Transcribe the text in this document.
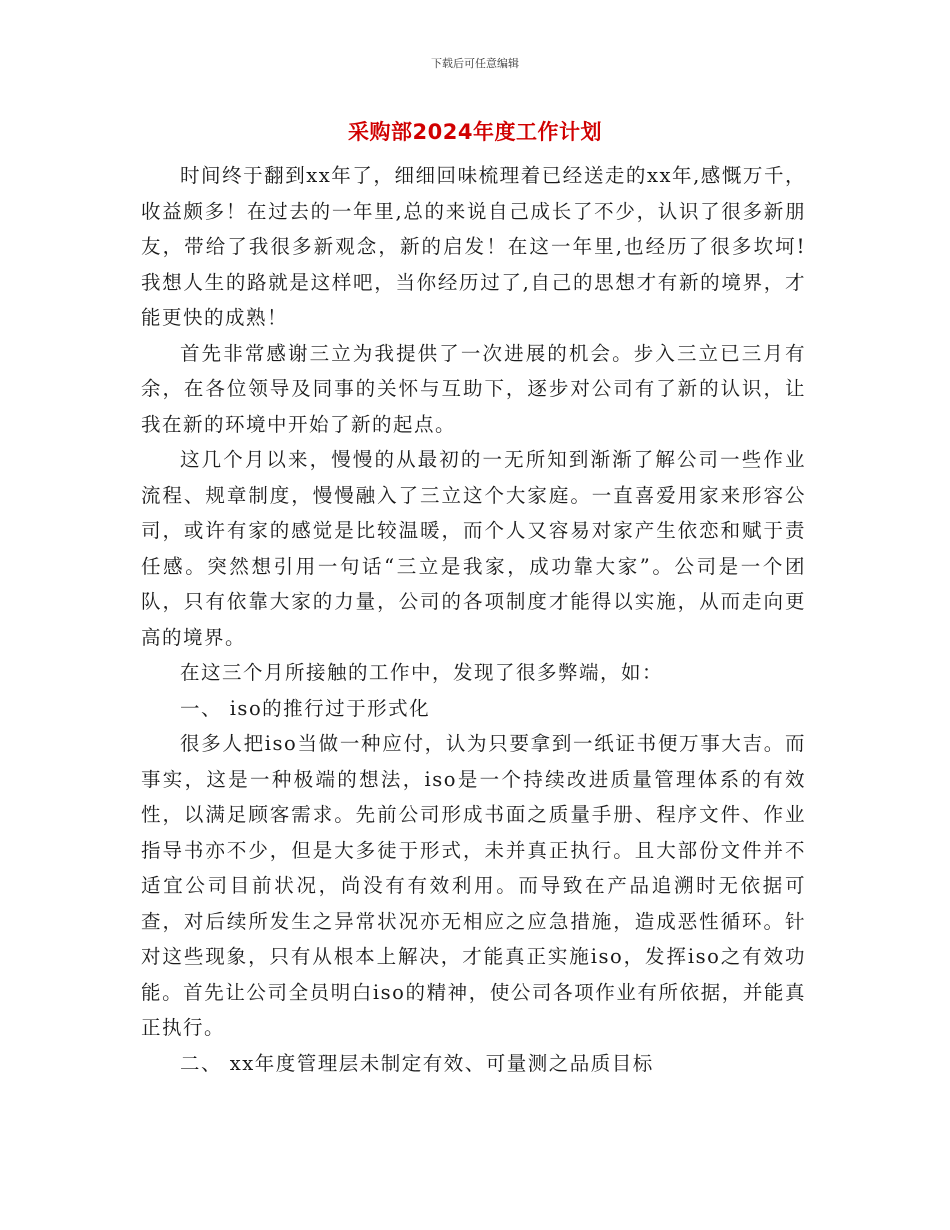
下载后可任意编辑
采购部2024年度工作计划

时间终于翻到xx年了，细细回味梳理着已经送走的xx年,感慨万千，收益颇多！在过去的一年里,总的来说自己成长了不少，认识了很多新朋友，带给了我很多新观念，新的启发！在这一年里,也经历了很多坎坷!我想人生的路就是这样吧，当你经历过了,自己的思想才有新的境界，才能更快的成熟！

首先非常感谢三立为我提供了一次进展的机会。步入三立已三月有余，在各位领导及同事的关怀与互助下，逐步对公司有了新的认识，让我在新的环境中开始了新的起点。

这几个月以来，慢慢的从最初的一无所知到渐渐了解公司一些作业流程、规章制度，慢慢融入了三立这个大家庭。一直喜爱用家来形容公司，或许有家的感觉是比较温暖，而个人又容易对家产生依恋和赋于责任感。突然想引用一句话“三立是我家，成功靠大家”。公司是一个团队，只有依靠大家的力量，公司的各项制度才能得以实施，从而走向更高的境界。

在这三个月所接触的工作中，发现了很多弊端，如：

一、 iso的推行过于形式化

很多人把iso当做一种应付，认为只要拿到一纸证书便万事大吉。而事实，这是一种极端的想法，iso是一个持续改进质量管理体系的有效性，以满足顾客需求。先前公司形成书面之质量手册、程序文件、作业指导书亦不少，但是大多徒于形式，未并真正执行。且大部份文件并不适宜公司目前状况，尚没有有效利用。而导致在产品追溯时无依据可查，对后续所发生之异常状况亦无相应之应急措施，造成恶性循环。针对这些现象，只有从根本上解决，才能真正实施iso，发挥iso之有效功能。首先让公司全员明白iso的精神，使公司各项作业有所依据，并能真正执行。

二、 xx年度管理层未制定有效、可量测之品质目标
